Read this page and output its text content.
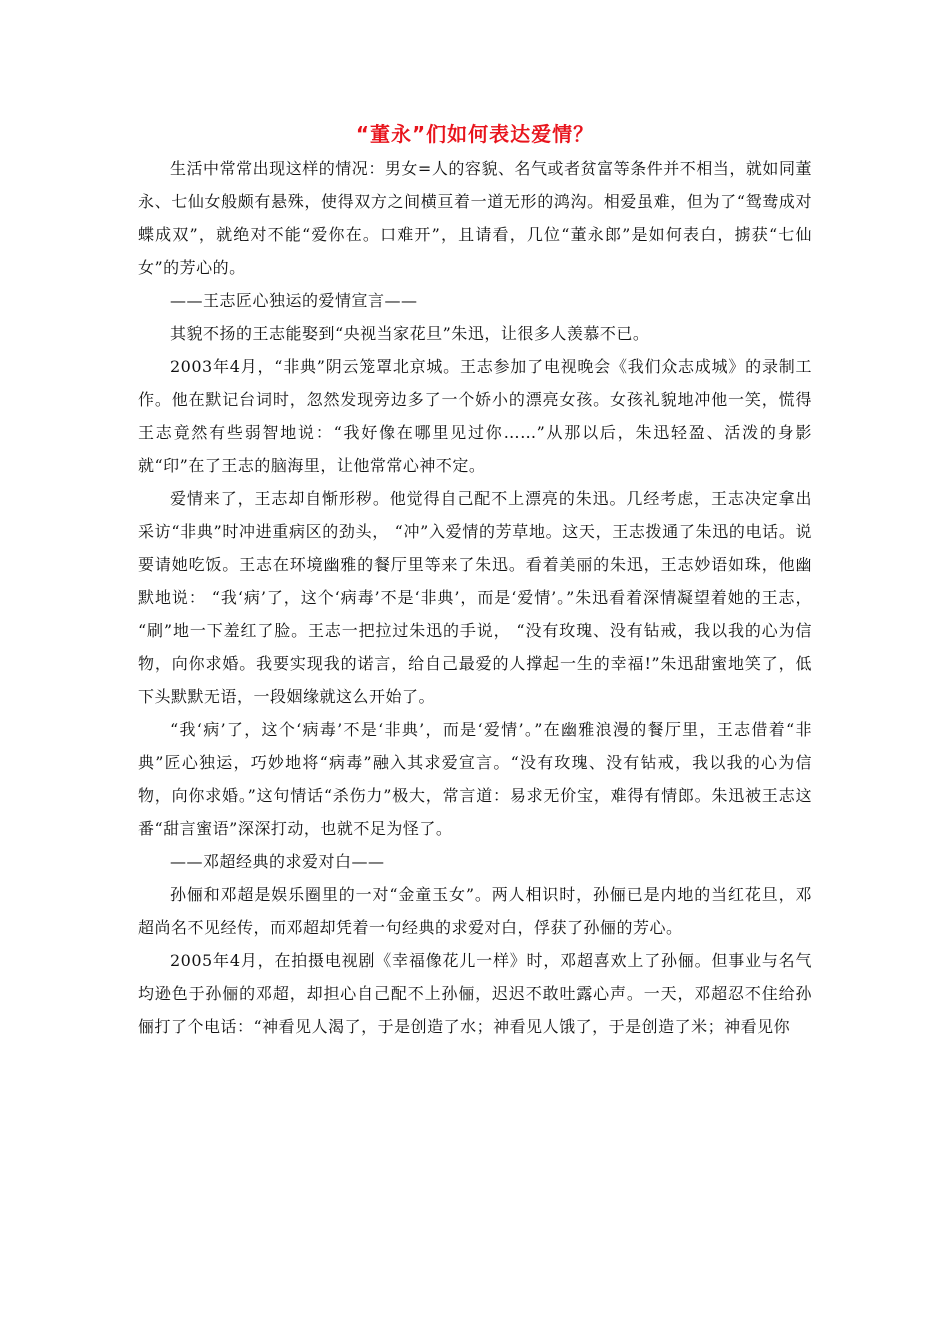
“董永”们如何表达爱情？

生活中常常出现这样的情况：男女=人的容貌、名气或者贫富等条件并不相当，就如同董永、七仙女般颇有悬殊，使得双方之间横亘着一道无形的鸿沟。相爱虽难，但为了“鸳鸯成对蝶成双”，就绝对不能“爱你在。口难开”，且请看，几位“董永郎”是如何表白，掳获“七仙女”的芳心的。

——王志匠心独运的爱情宣言——

其貌不扬的王志能娶到“央视当家花旦”朱迅，让很多人羡慕不已。

2003年4月，“非典”阴云笼罩北京城。王志参加了电视晚会《我们众志成城》的录制工作。他在默记台词时，忽然发现旁边多了一个娇小的漂亮女孩。女孩礼貌地冲他一笑，慌得王志竟然有些弱智地说：“我好像在哪里见过你……”从那以后，朱迅轻盈、活泼的身影就“印”在了王志的脑海里，让他常常心神不定。

爱情来了，王志却自惭形秽。他觉得自己配不上漂亮的朱迅。几经考虑，王志决定拿出采访“非典”时冲进重病区的劲头， “冲”入爱情的芳草地。这天，王志拨通了朱迅的电话。说要请她吃饭。王志在环境幽雅的餐厅里等来了朱迅。看着美丽的朱迅，王志妙语如珠，他幽默地说： “我‘病’了，这个‘病毒’不是‘非典’，而是‘爱情’。”朱迅看着深情凝望着她的王志， “刷”地一下羞红了脸。王志一把拉过朱迅的手说， “没有玫瑰、没有钻戒，我以我的心为信物，向你求婚。我要实现我的诺言，给自己最爱的人撑起一生的幸福!”朱迅甜蜜地笑了，低下头默默无语，一段姻缘就这么开始了。

“我‘病’了，这个‘病毒’不是‘非典’，而是‘爱情’。”在幽雅浪漫的餐厅里，王志借着“非典”匠心独运，巧妙地将“病毒”融入其求爱宣言。“没有玫瑰、没有钻戒，我以我的心为信物，向你求婚。”这句情话“杀伤力”极大，常言道：易求无价宝，难得有情郎。朱迅被王志这番“甜言蜜语”深深打动，也就不足为怪了。

——邓超经典的求爱对白——

孙俪和邓超是娱乐圈里的一对“金童玉女”。两人相识时，孙俪已是内地的当红花旦，邓超尚名不见经传，而邓超却凭着一句经典的求爱对白，俘获了孙俪的芳心。

2005年4月，在拍摄电视剧《幸福像花儿一样》时，邓超喜欢上了孙俪。但事业与名气均逊色于孙俪的邓超，却担心自己配不上孙俪，迟迟不敢吐露心声。一天，邓超忍不住给孙俪打了个电话：“神看见人渴了，于是创造了水；神看见人饿了，于是创造了米；神看见你
